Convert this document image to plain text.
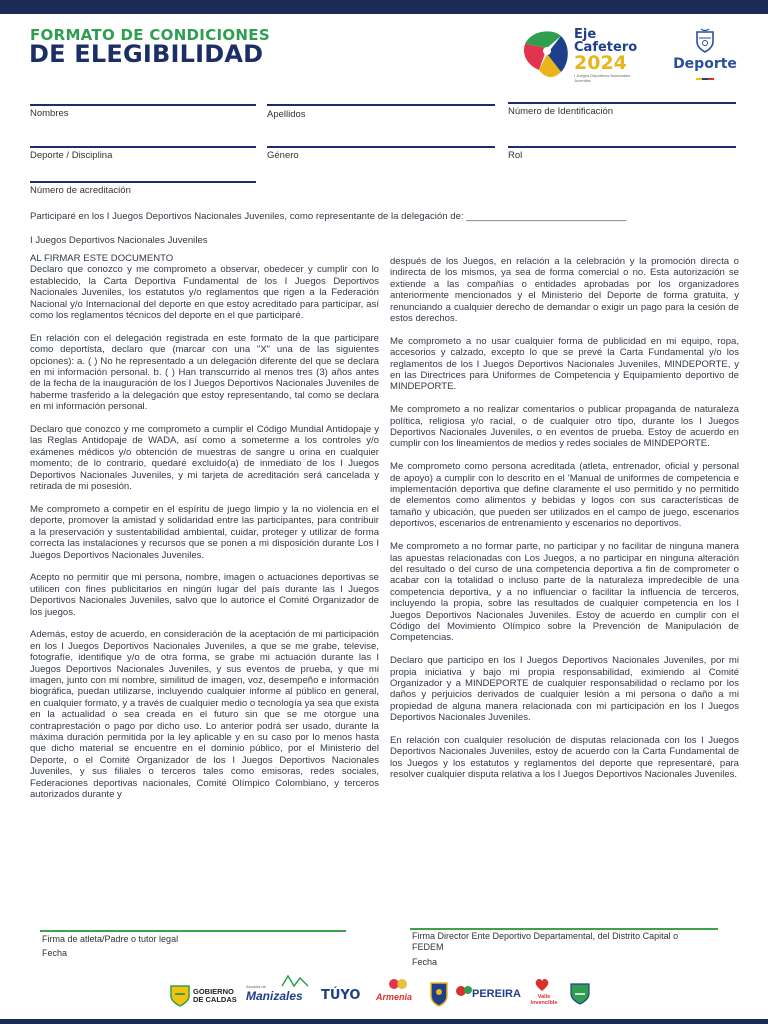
FORMATO DE CONDICIONES
DE ELEGIBILIDAD
Eje
Cafetero
2024
I Juegos Deportivos Nacionales Juveniles
Deporte
Nombres	Apellidos	Número de Identificación
Deporte / Disciplina	Género	Rol
Número de acreditación
Participaré en los I Juegos Deportivos Nacionales Juveniles, como representante de la delegación de: ______________________________
I Juegos Deportivos Nacionales Juveniles

AL FIRMAR ESTE DOCUMENTO

Declaro que conozco y me comprometo a observar, obedecer y cumplir con lo establecido, la Carta Deportiva Fundamental de los I Juegos Deportivos Nacionales Juveniles, los estatutos y/o reglamentos que rigen a la Federación Nacional y/o Internacional del deporte en que estoy acreditado para participar, así como los reglamentos técnicos del deporte en el que participaré.

En relación con el delegación registrada en este formato de la que participare como deportista, declaro que (marcar con una "X" una de las siguientes opciones): a. ( ) No he representado a un delegación diferente del que se declara en mi información personal. b. ( ) Han transcurrido al menos tres (3) años antes de la fecha de la inauguración de los I Juegos Deportivos Nacionales Juveniles de haberme trasferido a la delegación que estoy representando, tal como se declara en mi información personal.

Declaro que conozco y me comprometo a cumplir el Código Mundial Antidopaje y las Reglas Antidopaje de WADA, así como a someterme a los controles y/o exámenes médicos y/o obtención de muestras de sangre u orina en cualquier momento; de lo contrario, quedaré excluido(a) de inmediato de los I Juegos Deportivos Nacionales Juveniles, y mi tarjeta de acreditación será cancelada y retirada de mi posesión.

Me comprometo a competir en el espíritu de juego limpio y la no violencia en el deporte, promover la amistad y solidaridad entre las participantes, para contribuir a la preservación y sustentabilidad ambiental, cuidar, proteger y utilizar de forma correcta las instalaciones y recursos que se ponen a mi disposición durante Los I Juegos Deportivos Nacionales Juveniles.

Acepto no permitir que mi persona, nombre, imagen o actuaciones deportivas se utilicen con fines publicitarios en ningún lugar del país durante las I Juegos Deportivos Nacionales Juveniles, salvo que lo autorice el Comité Organizador de los juegos.

Además, estoy de acuerdo, en consideración de la aceptación de mi participación en los I Juegos Deportivos Nacionales Juveniles, a que se me grabe, televise, fotografíe, identifique y/o de otra forma, se grabe mi actuación durante las I Juegos Deportivos Nacionales Juveniles, y sus eventos de prueba, y que mi imagen, junto con mi nombre, similitud de imagen, voz, desempeño e información biográfica, puedan utilizarse, incluyendo cualquier informe al público en general, en cualquier formato, y a través de cualquier medio o tecnología ya sea que exista en la actualidad o sea creada en el futuro sin que se me otorgue una contraprestación o pago por dicho uso. Lo anterior podrá ser usado, durante la máxima duración permitida por la ley aplicable y en su caso por lo menos hasta que dicho material se encuentre en el dominio público, por el Ministerio del Deporte, o el Comité Organizador de los I Juegos Deportivos Nacionales Juveniles, y sus filiales o terceros tales como emisoras, redes sociales, Federaciones deportivas nacionales, Comité Olímpico Colombiano, y terceros autorizados durante y

después de los Juegos, en relación a la celebración y la promoción directa o indirecta de los mismos, ya sea de forma comercial o no. Esta autorización se extiende a las compañías o entidades aprobadas por los organizadores anteriormente mencionados y el Ministerio del Deporte de forma gratuita, y renunciando a cualquier derecho de demandar o exigir un pago para la cesión de estos derechos.

Me comprometo a no usar cualquier forma de publicidad en mi equipo, ropa, accesorios y calzado, excepto lo que se prevé la Carta Fundamental y/o los reglamentos de los I Juegos Deportivos Nacionales Juveniles, MINDEPORTE, y en las Directrices para Uniformes de Competencia y Equipamiento deportivo de MINDEPORTE.

Me comprometo a no realizar comentarios o publicar propaganda de naturaleza política, religiosa y/o racial, o de cualquier otro tipo, durante los I Juegos Deportivos Nacionales Juveniles, o en eventos de prueba. Estoy de acuerdo en cumplir con los lineamientos de medios y redes sociales de MINDEPORTE.

Me comprometo como persona acreditada (atleta, entrenador, oficial y personal de apoyo) a cumplir con lo descrito en el 'Manual de uniformes de competencia e implementación deportiva que define claramente el uso permitido y no permitido de elementos como alimentos y bebidas y logos con sus características de tamaño y ubicación, que pueden ser utilizados en el campo de juego, escenarios deportivos, escenarios de entrenamiento y escenarios no deportivos.

Me comprometo a no formar parte, no participar y no facilitar de ninguna manera las apuestas relacionadas con Los Juegos, a no participar en ninguna alteración del resultado o del curso de una competencia deportiva a fin de comprometer o acabar con la totalidad o incluso parte de la naturaleza impredecible de una competencia deportiva, y a no influenciar o facilitar la influencia de terceros, incluyendo la propia, sobre las resultados de cualquier competencia en los I Juegos Deportivos Nacionales Juveniles. Estoy de acuerdo en cumplir con el Código del Movimiento Olímpico sobre la Prevención de Manipulación de Competencias.

Declaro que participo en los I Juegos Deportivos Nacionales Juveniles, por mi propia iniciativa y bajo mi propia responsabilidad, eximiendo al Comité Organizador y a MINDEPORTE de cualquier responsabilidad o reclamo por los daños y perjuicios derivados de cualquier lesión a mi persona o daño a mi propiedad de alguna manera relacionada con mi participación en los I Juegos Deportivos Nacionales Juveniles.

En relación con cualquier resolución de disputas relacionada con los I Juegos Deportivos Nacionales Juveniles, estoy de acuerdo con la Carta Fundamental de los Juegos y los estatutos y reglamentos del deporte que representaré, para resolver cualquier disputa relativa a los I Juegos Deportivos Nacionales Juveniles.

Firma de atleta/Padre o tutor legal
Fecha
Firma Director Ente Deportivo Departamental, del Distrito Capital o FEDEM
Fecha
GOBIERNO
DE CALDAS
Alcaldía de
Manizales TÚYO Armenia	PEREIRA	Valle
Invencible
